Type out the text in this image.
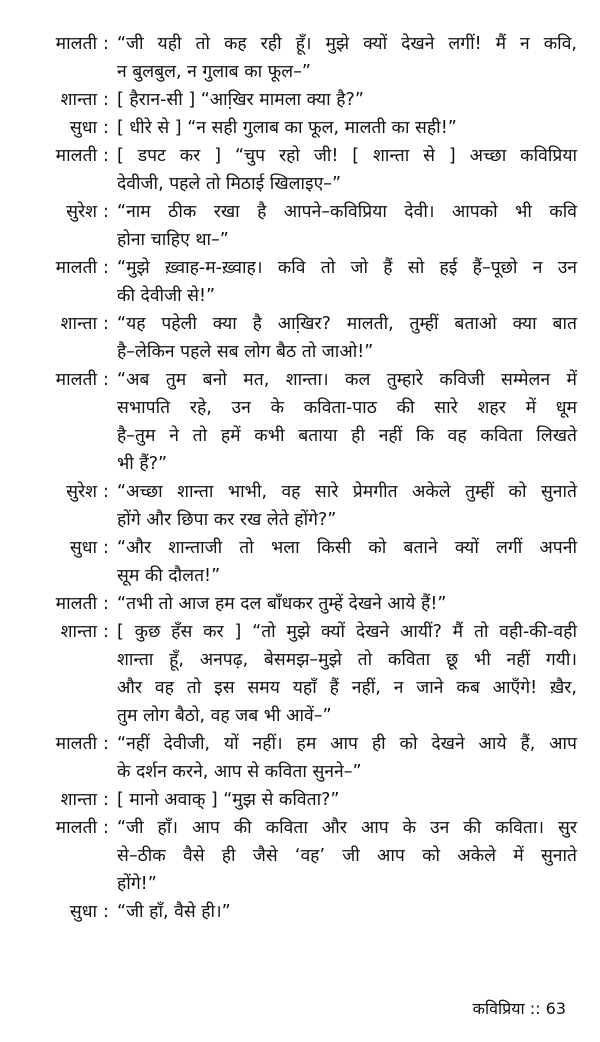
मालती : “जी यही तो कह रही हूँ। मुझे क्यों देखने लगीं! मैं न कवि,
न बुलबुल, न गुलाब का फूल–”
शान्ता : [ हैरान-सी ] “आखि़र मामला क्या है?”
सुधा : [ धीरे से ] “न सही गुलाब का फूल, मालती का सही!”
मालती : [ डपट कर ] “चुप रहो जी! [ शान्ता से ] अच्छा कविप्रिया
देवीजी, पहले तो मिठाई खिलाइए–”
सुरेश : “नाम ठीक रखा है आपने–कविप्रिया देवी। आपको भी कवि
होना चाहिए था–”
मालती : “मुझे ख़्वाह-म-ख़्वाह। कवि तो जो हैं सो हई हैं–पूछो न उन
की देवीजी से!”
शान्ता : “यह पहेली क्या है आखि़र? मालती, तुम्हीं बताओ क्या बात
है–लेकिन पहले सब लोग बैठ तो जाओ!”
मालती : “अब तुम बनो मत, शान्ता। कल तुम्हारे कविजी सम्मेलन में
सभापति रहे, उन के कविता-पाठ की सारे शहर में धूम
है–तुम ने तो हमें कभी बताया ही नहीं कि वह कविता लिखते
भी हैं?”
सुरेश : “अच्छा शान्ता भाभी, वह सारे प्रेमगीत अकेले तुम्हीं को सुनाते
होंगे और छिपा कर रख लेते होंगे?”
सुधा : “और शान्ताजी तो भला किसी को बताने क्यों लगीं अपनी
सूम की दौलत!”
मालती : “तभी तो आज हम दल बाँधकर तुम्हें देखने आये हैं!”
शान्ता : [ कुछ हँस कर ] “तो मुझे क्यों देखने आयीं? मैं तो वही-की-वही
शान्ता हूँ, अनपढ़, बेसमझ–मुझे तो कविता छू भी नहीं गयी।
और वह तो इस समय यहाँ हैं नहीं, न जाने कब आएँगे! ख़ैर,
तुम लोग बैठो, वह जब भी आवें–”
मालती : “नहीं देवीजी, यों नहीं। हम आप ही को देखने आये हैं, आप
के दर्शन करने, आप से कविता सुनने–”
शान्ता : [ मानो अवाक् ] “मुझ से कविता?”
मालती : “जी हाँ। आप की कविता और आप के उन की कविता। सुर
से–ठीक वैसे ही जैसे ‘वह’ जी आप को अकेले में सुनाते
होंगे!”
सुधा : “जी हाँ, वैसे ही।”
कविप्रिया :: 63
